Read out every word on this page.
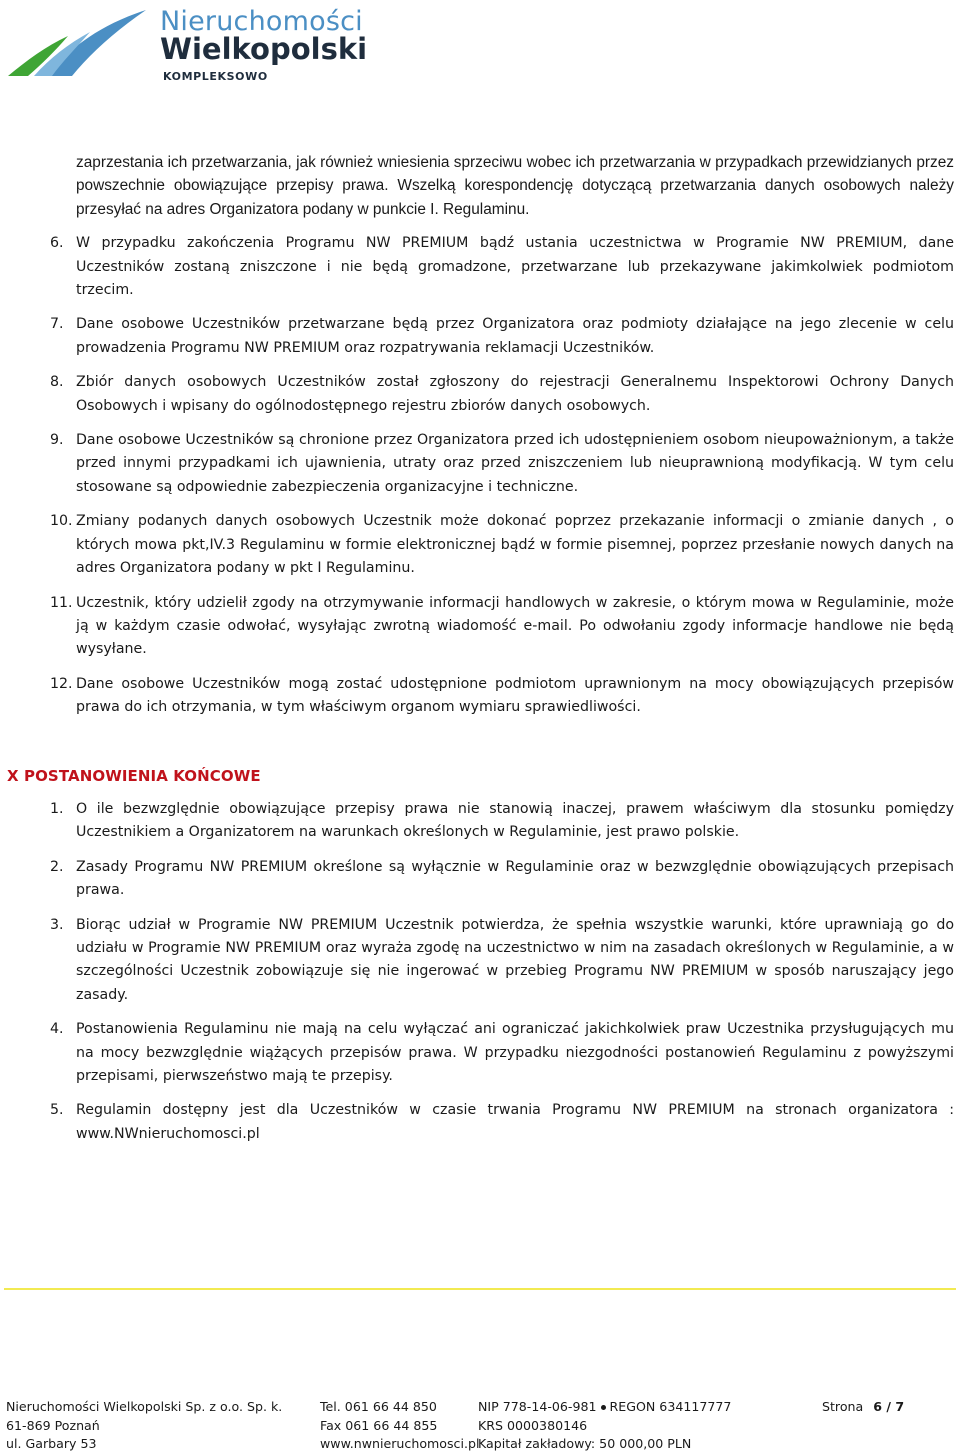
Nieruchomości
Wielkopolski
KOMPLEKSOWO

zaprzestania ich przetwarzania, jak również wniesienia sprzeciwu wobec ich przetwarzania w przypadkach przewidzianych przez powszechnie obowiązujące przepisy prawa. Wszelką korespondencję dotyczącą przetwarzania danych osobowych należy przesyłać na adres Organizatora podany w punkcie I. Regulaminu.

6. W przypadku zakończenia Programu NW PREMIUM bądź ustania uczestnictwa w Programie NW PREMIUM, dane Uczestników zostaną zniszczone i nie będą gromadzone, przetwarzane lub przekazywane jakimkolwiek podmiotom trzecim.
7. Dane osobowe Uczestników przetwarzane będą przez Organizatora oraz podmioty działające na jego zlecenie w celu prowadzenia Programu NW PREMIUM oraz rozpatrywania reklamacji Uczestników.
8. Zbiór danych osobowych Uczestników został zgłoszony do rejestracji Generalnemu Inspektorowi Ochrony Danych Osobowych i wpisany do ogólnodostępnego rejestru zbiorów danych osobowych.
9. Dane osobowe Uczestników są chronione przez Organizatora przed ich udostępnieniem osobom nieupoważnionym, a także przed innymi przypadkami ich ujawnienia, utraty oraz przed zniszczeniem lub nieuprawnioną modyfikacją. W tym celu stosowane są odpowiednie zabezpieczenia organizacyjne i techniczne.
10. Zmiany podanych danych osobowych Uczestnik może dokonać poprzez przekazanie informacji o zmianie danych , o których mowa pkt,IV.3 Regulaminu w formie elektronicznej bądź w formie pisemnej, poprzez przesłanie nowych danych na adres Organizatora podany w pkt I Regulaminu.
11. Uczestnik, który udzielił zgody na otrzymywanie informacji handlowych w zakresie, o którym mowa w Regulaminie, może ją w każdym czasie odwołać, wysyłając zwrotną wiadomość e-mail. Po odwołaniu zgody informacje handlowe nie będą wysyłane.
12. Dane osobowe Uczestników mogą zostać udostępnione podmiotom uprawnionym na mocy obowiązujących przepisów prawa do ich otrzymania, w tym właściwym organom wymiaru sprawiedliwości.
X POSTANOWIENIA KOŃCOWE
1. O ile bezwzględnie obowiązujące przepisy prawa nie stanowią inaczej, prawem właściwym dla stosunku pomiędzy Uczestnikiem a Organizatorem na warunkach określonych w Regulaminie, jest prawo polskie.
2. Zasady Programu NW PREMIUM określone są wyłącznie w Regulaminie oraz w bezwzględnie obowiązujących przepisach prawa.
3. Biorąc udział w Programie NW PREMIUM Uczestnik potwierdza, że spełnia wszystkie warunki, które uprawniają go do udziału w Programie NW PREMIUM oraz wyraża zgodę na uczestnictwo w nim na zasadach określonych w Regulaminie, a w szczególności Uczestnik zobowiązuje się nie ingerować w przebieg Programu NW PREMIUM w sposób naruszający jego zasady.
4. Postanowienia Regulaminu nie mają na celu wyłączać ani ograniczać jakichkolwiek praw Uczestnika przysługujących mu na mocy bezwzględnie wiążących przepisów prawa. W przypadku niezgodności postanowień Regulaminu z powyższymi przepisami, pierwszeństwo mają te przepisy.
5. Regulamin dostępny jest dla Uczestników w czasie trwania Programu NW PREMIUM na stronach organizatora : www.NWnieruchomosci.pl
Nieruchomości Wielkopolski Sp. z o.o. Sp. k.
61-869 Poznań
ul. Garbary 53
Tel. 061 66 44 850
Fax 061 66 44 855
www.nwnieruchomosci.pl
NIP 778-14-06-981 REGON 634117777
KRS 0000380146
Kapitał zakładowy: 50 000,00 PLN
Strona 6 / 7
